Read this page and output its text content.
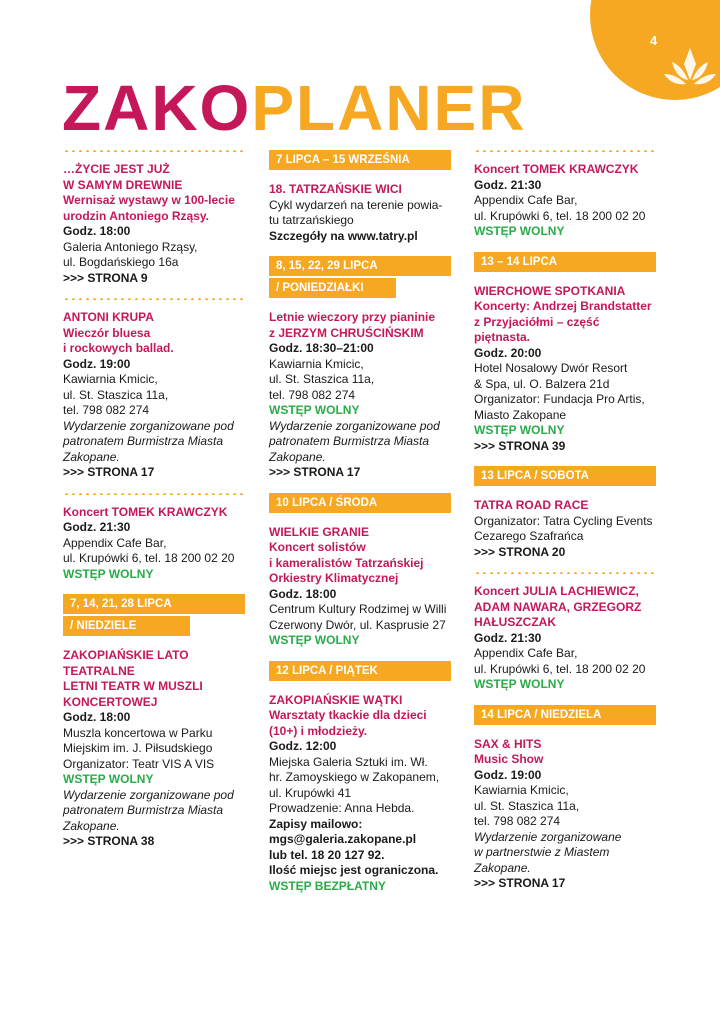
4
ZAKOPLANER
…ŻYCIE JEST JUŻ
W SAMYM DREWNIE
Wernisaż wystawy w 100-lecie
urodzin Antoniego Rząsy.
Godz. 18:00
Galeria Antoniego Rząsy,
ul. Bogdańskiego 16a
>>> STRONA 9
ANTONI KRUPA
Wieczór bluesa
i rockowych ballad.
Godz. 19:00
Kawiarnia Kmicic,
ul. St. Staszica 11a,
tel. 798 082 274
Wydarzenie zorganizowane pod
patronatem Burmistrza Miasta
Zakopane.
>>> STRONA 17
Koncert TOMEK KRAWCZYK
Godz. 21:30
Appendix Cafe Bar,
ul. Krupówki 6, tel. 18 200 02 20
WSTĘP WOLNY
7, 14, 21, 28 LIPCA
/ NIEDZIELE
ZAKOPIAŃSKIE LATO
TEATRALNE
LETNI TEATR W MUSZLI
KONCERTOWEJ
Godz. 18:00
Muszla koncertowa w Parku
Miejskim im. J. Piłsudskiego
Organizator: Teatr VIS A VIS
WSTĘP WOLNY
Wydarzenie zorganizowane pod
patronatem Burmistrza Miasta
Zakopane.
>>> STRONA 38
7 LIPCA – 15 WRZEŚNIA
18. TATRZAŃSKIE WICI
Cykl wydarzeń na terenie powia-
tu tatrzańskiego
Szczegóły na www.tatry.pl
8, 15, 22, 29 LIPCA
/ PONIEDZIAŁKI
Letnie wieczory przy pianinie
z JERZYM CHRUŚCIŃSKIM
Godz. 18:30–21:00
Kawiarnia Kmicic,
ul. St. Staszica 11a,
tel. 798 082 274
WSTĘP WOLNY
Wydarzenie zorganizowane pod
patronatem Burmistrza Miasta
Zakopane.
>>> STRONA 17
10 LIPCA / ŚRODA
WIELKIE GRANIE
Koncert solistów
i kameralistów Tatrzańskiej
Orkiestry Klimatycznej
Godz. 18:00
Centrum Kultury Rodzimej w Willi
Czerwony Dwór, ul. Kasprusie 27
WSTĘP WOLNY
12 LIPCA / PIĄTEK
ZAKOPIAŃSKIE WĄTKI
Warsztaty tkackie dla dzieci
(10+) i młodzieży.
Godz. 12:00
Miejska Galeria Sztuki im. Wł.
hr. Zamoyskiego w Zakopanem,
ul. Krupówki 41
Prowadzenie: Anna Hebda.
Zapisy mailowo:
mgs@galeria.zakopane.pl
lub tel. 18 20 127 92.
Ilość miejsc jest ograniczona.
WSTĘP BEZPŁATNY
Koncert TOMEK KRAWCZYK
Godz. 21:30
Appendix Cafe Bar,
ul. Krupówki 6, tel. 18 200 02 20
WSTĘP WOLNY
13 – 14 LIPCA
WIERCHOWE SPOTKANIA
Koncerty: Andrzej Brandstatter
z Przyjaciółmi – część
piętnasta.
Godz. 20:00
Hotel Nosalowy Dwór Resort
& Spa, ul. O. Balzera 21d
Organizator: Fundacja Pro Artis,
Miasto Zakopane
WSTĘP WOLNY
>>> STRONA 39
13 LIPCA / SOBOTA
TATRA ROAD RACE
Organizator: Tatra Cycling Events
Cezarego Szafrańca
>>> STRONA 20
Koncert JULIA LACHIEWICZ,
ADAM NAWARA, GRZEGORZ
HAŁUSZCZAK
Godz. 21:30
Appendix Cafe Bar,
ul. Krupówki 6, tel. 18 200 02 20
WSTĘP WOLNY
14 LIPCA / NIEDZIELA
SAX & HITS
Music Show
Godz. 19:00
Kawiarnia Kmicic,
ul. St. Staszica 11a,
tel. 798 082 274
Wydarzenie zorganizowane
w partnerstwie z Miastem
Zakopane.
>>> STRONA 17
